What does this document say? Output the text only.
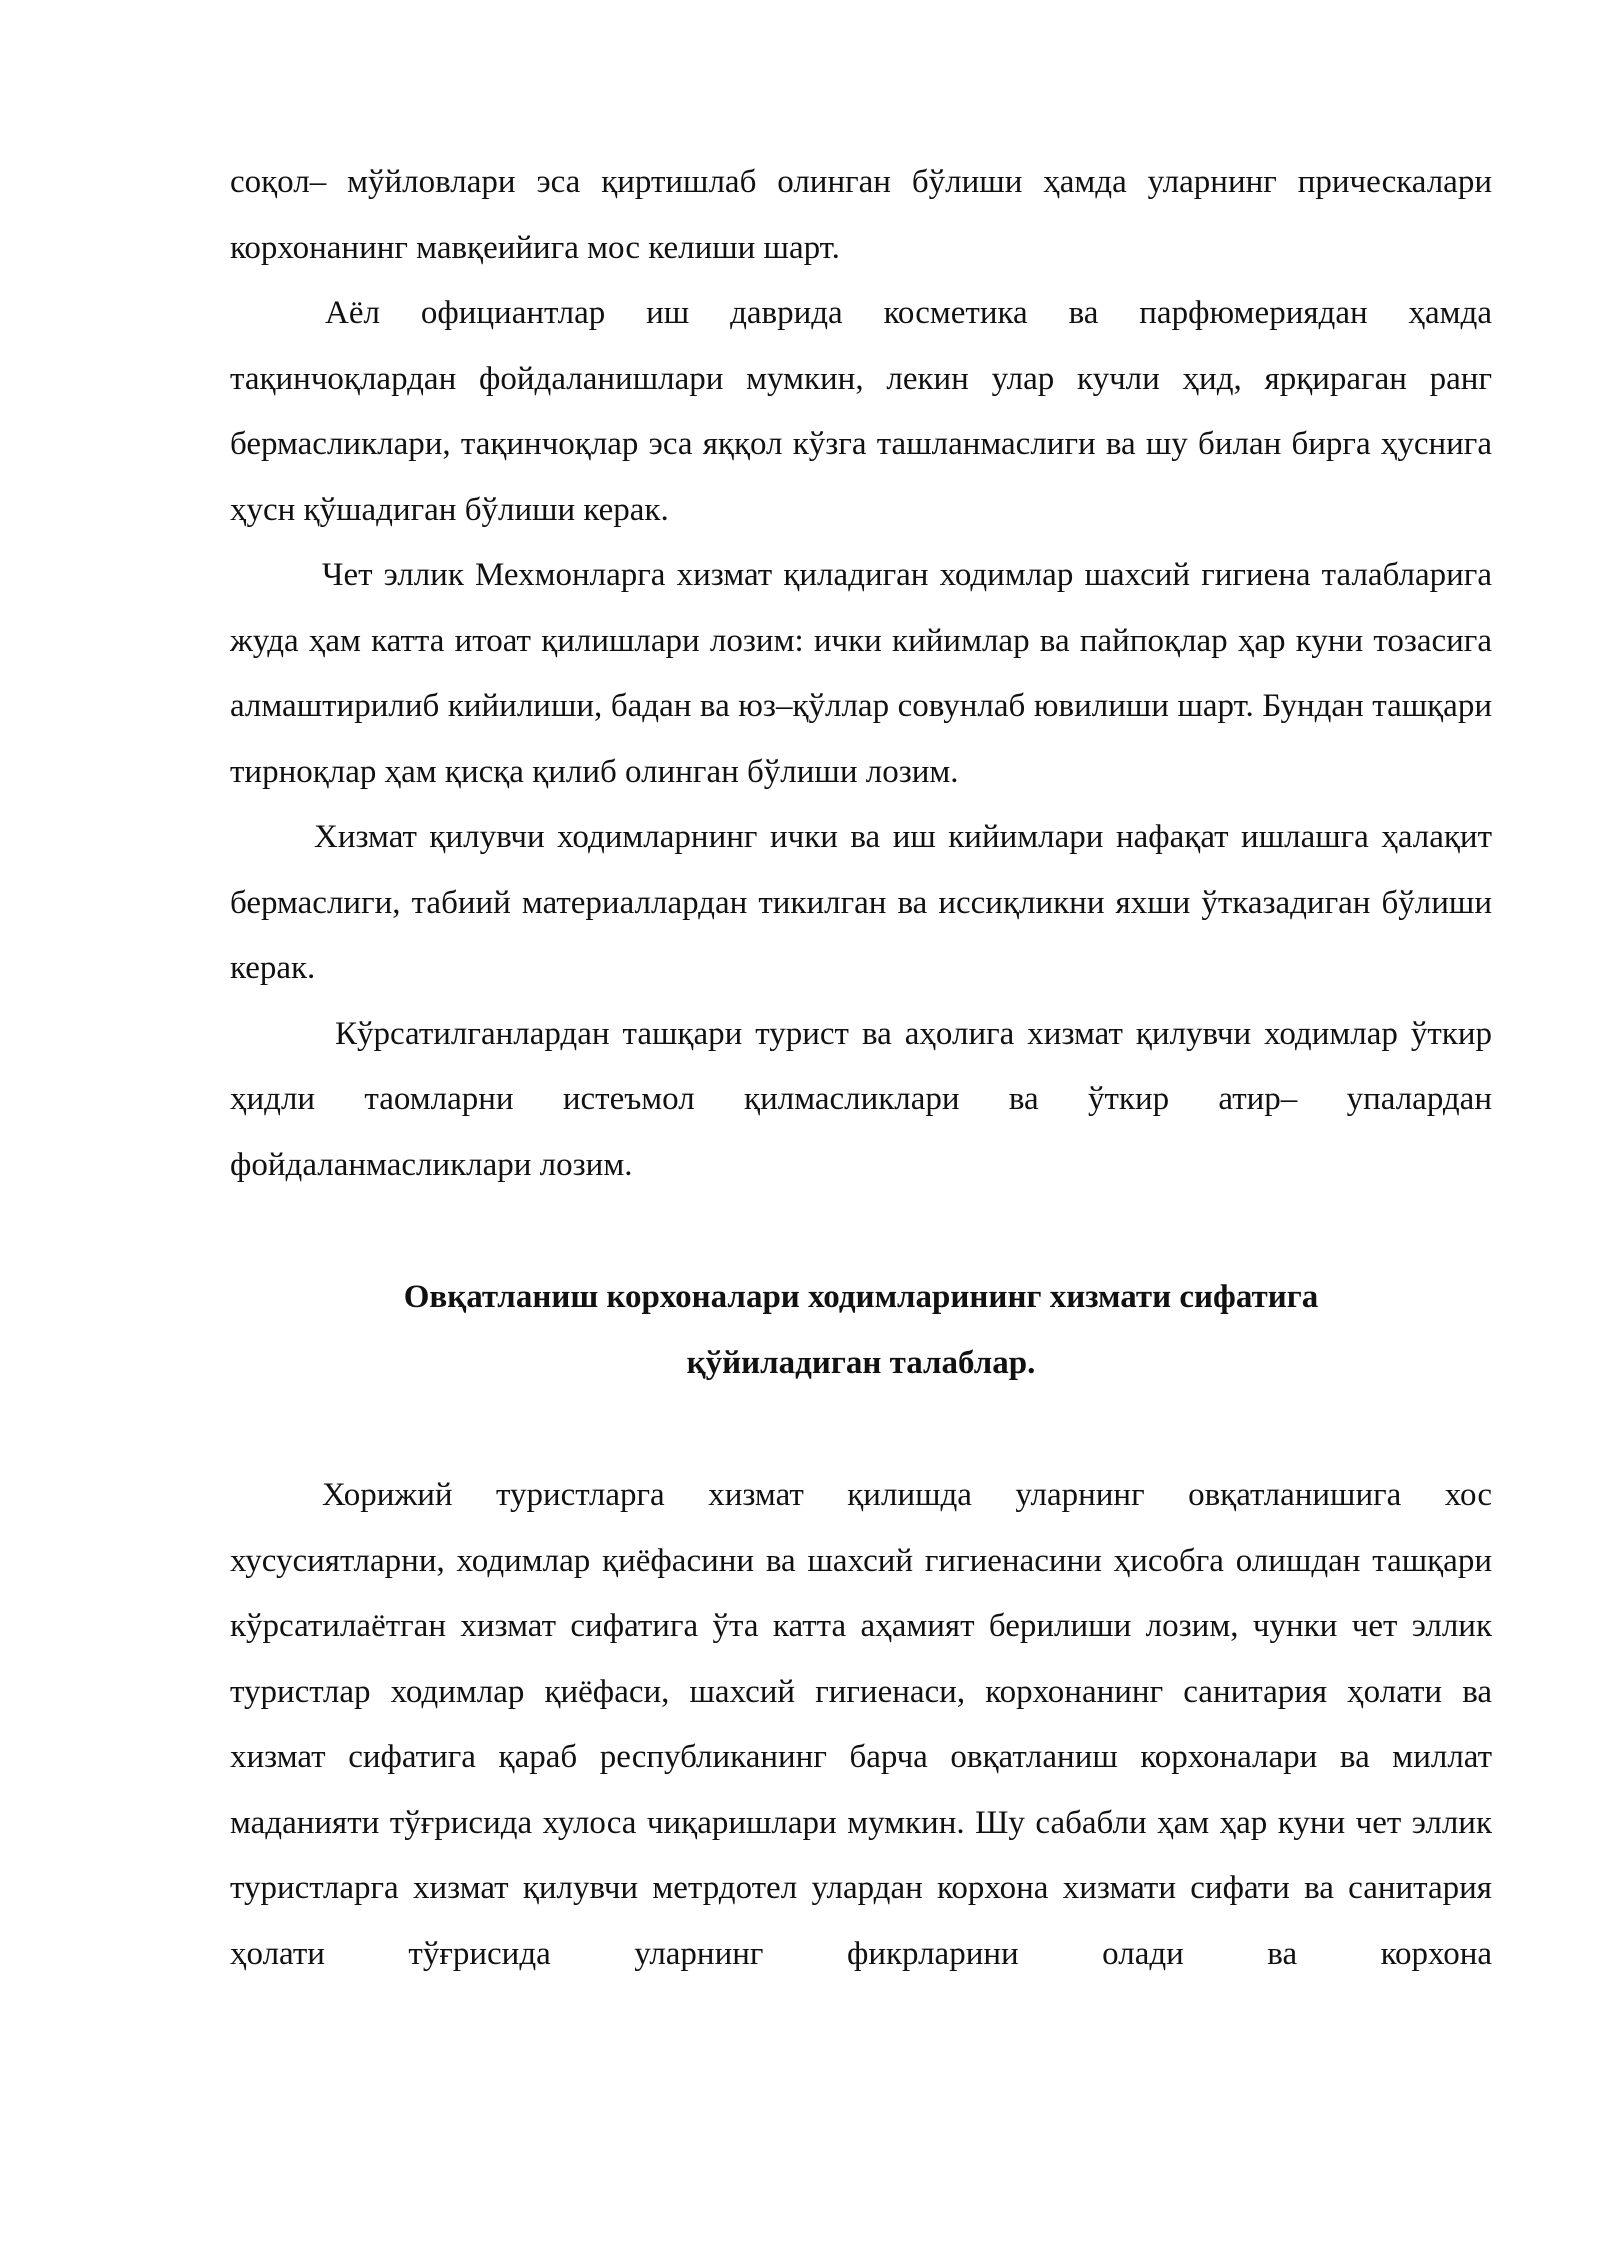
соқол– мўйловлари эса қиртишлаб олинган бўлиши ҳамда уларнинг прическалари корхонанинг мавқеийига мос келиши шарт.

Аёл официантлар иш даврида косметика ва парфюмериядан ҳамда тақинчоқлардан фойдаланишлари мумкин, лекин улар кучли ҳид, ярқираган ранг бермасликлари, тақинчоқлар эса яққол кўзга ташланмаслиги ва шу билан бирга ҳуснига ҳусн қўшадиган бўлиши керак.

Чет эллик Мехмонларга хизмат қиладиган ходимлар шахсий гигиена талабларига жуда ҳам катта итоат қилишлари лозим: ички кийимлар ва пайпоқлар ҳар куни тозасига алмаштирилиб кийилиши, бадан ва юз–қўллар совунлаб ювилиши шарт. Бундан ташқари тирноқлар ҳам қисқа қилиб олинган бўлиши лозим.

Хизмат қилувчи ходимларнинг ички ва иш кийимлари нафақат ишлашга ҳалақит бермаслиги, табиий материаллардан тикилган ва иссиқликни яхши ўтказадиган бўлиши керак.

Кўрсатилганлардан ташқари турист ва аҳолига хизмат қилувчи ходимлар ўткир ҳидли таомларни истеъмол қилмасликлари ва ўткир атир– упалардан фойдаланмасликлари лозим.

Овқатланиш корхоналари ходимларининг хизмати сифатига
қўйиладиган талаблар.

Хорижий туристларга хизмат қилишда уларнинг овқатланишига хос хусусиятларни, ходимлар қиёфасини ва шахсий гигиенасини ҳисобга олишдан ташқари кўрсатилаётган хизмат сифатига ўта катта аҳамият берилиши лозим, чунки чет эллик туристлар ходимлар қиёфаси, шахсий гигиенаси, корхонанинг санитария ҳолати ва хизмат сифатига қараб республиканинг барча овқатланиш корхоналари ва миллат маданияти тўғрисида хулоса чиқаришлари мумкин. Шу сабабли ҳам ҳар куни чет эллик туристларга хизмат қилувчи метрдотел улардан корхона хизмати сифати ва санитария ҳолати тўғрисида уларнинг фикрларини олади ва корхона
